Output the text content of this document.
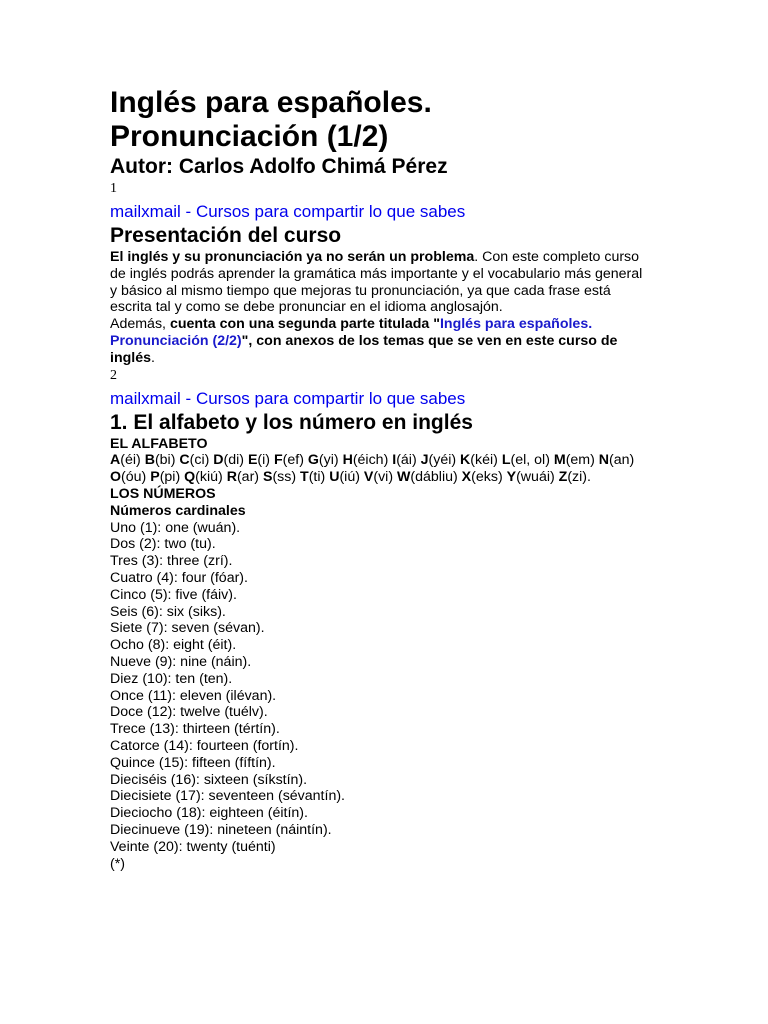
Inglés para españoles.
Pronunciación (1/2)
Autor: Carlos Adolfo Chimá Pérez
1
mailxmail - Cursos para compartir lo que sabes
Presentación del curso
El inglés y su pronunciación ya no serán un problema. Con este completo curso
de inglés podrás aprender la gramática más importante y el vocabulario más general
y básico al mismo tiempo que mejoras tu pronunciación, ya que cada frase está
escrita tal y como se debe pronunciar en el idioma anglosajón.
Además, cuenta con una segunda parte titulada "Inglés para españoles. Pronunciación (2/2)", con anexos de los temas que se ven en este curso de
inglés.
2
mailxmail - Cursos para compartir lo que sabes
1. El alfabeto y los número en inglés
EL ALFABETO
A(éi) B(bi) C(ci) D(di) E(i) F(ef) G(yi) H(éich) I(ái) J(yéi) K(kéi) L(el, ol) M(em) N(an)
O(óu) P(pi) Q(kiú) R(ar) S(ss) T(ti) U(iú) V(vi) W(dábliu) X(eks) Y(wuái) Z(zi).
LOS NÚMEROS
Números cardinales
Uno (1): one (wuán).
Dos (2): two (tu).
Tres (3): three (zrí).
Cuatro (4): four (fóar).
Cinco (5): five (fáiv).
Seis (6): six (siks).
Siete (7): seven (sévan).
Ocho (8): eight (éit).
Nueve (9): nine (náin).
Diez (10): ten (ten).
Once (11): eleven (ilévan).
Doce (12): twelve (tuélv).
Trece (13): thirteen (tértín).
Catorce (14): fourteen (fortín).
Quince (15): fifteen (fíftín).
Dieciséis (16): sixteen (síkstín).
Diecisiete (17): seventeen (sévantín).
Dieciocho (18): eighteen (éitín).
Diecinueve (19): nineteen (náintín).
Veinte (20): twenty (tuénti)
(*)
